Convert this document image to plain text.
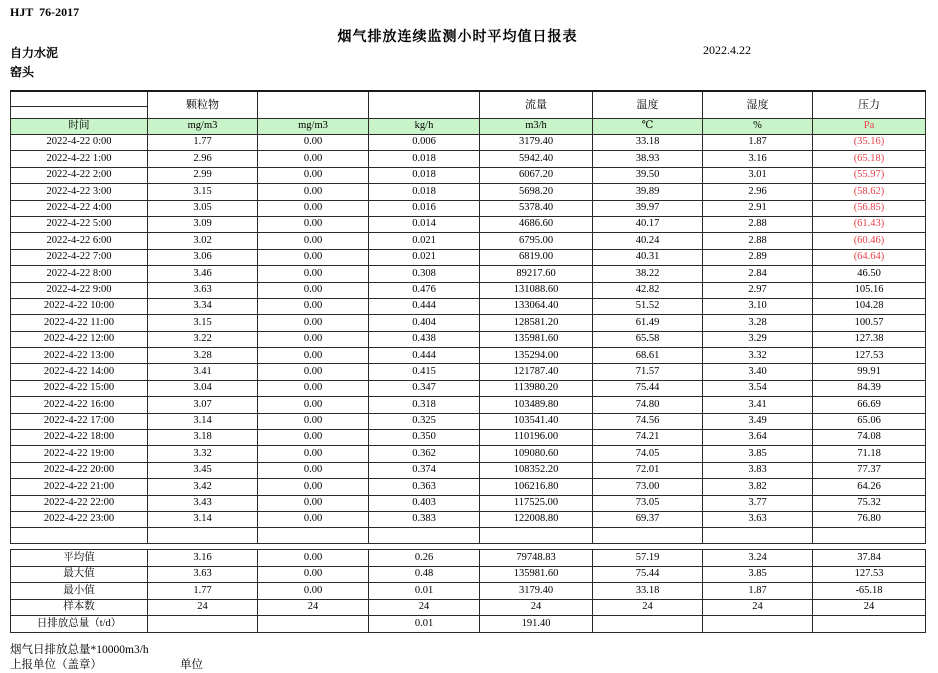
HJT  76-2017
烟气排放连续监测小时平均值日报表
2022.4.22
自力水泥
窑头
	颗粒物			流量	温度	湿度	压力

时间	mg/m3	mg/m3	kg/h	m3/h	℃	%	Pa
2022-4-22 0:00	1.77	0.00	0.006	3179.40	33.18	1.87	(35.16)
2022-4-22 1:00	2.96	0.00	0.018	5942.40	38.93	3.16	(65.18)
2022-4-22 2:00	2.99	0.00	0.018	6067.20	39.50	3.01	(55.97)
2022-4-22 3:00	3.15	0.00	0.018	5698.20	39.89	2.96	(58.62)
2022-4-22 4:00	3.05	0.00	0.016	5378.40	39.97	2.91	(56.85)
2022-4-22 5:00	3.09	0.00	0.014	4686.60	40.17	2.88	(61.43)
2022-4-22 6:00	3.02	0.00	0.021	6795.00	40.24	2.88	(60.46)
2022-4-22 7:00	3.06	0.00	0.021	6819.00	40.31	2.89	(64.64)
2022-4-22 8:00	3.46	0.00	0.308	89217.60	38.22	2.84	46.50
2022-4-22 9:00	3.63	0.00	0.476	131088.60	42.82	2.97	105.16
2022-4-22 10:00	3.34	0.00	0.444	133064.40	51.52	3.10	104.28
2022-4-22 11:00	3.15	0.00	0.404	128581.20	61.49	3.28	100.57
2022-4-22 12:00	3.22	0.00	0.438	135981.60	65.58	3.29	127.38
2022-4-22 13:00	3.28	0.00	0.444	135294.00	68.61	3.32	127.53
2022-4-22 14:00	3.41	0.00	0.415	121787.40	71.57	3.40	99.91
2022-4-22 15:00	3.04	0.00	0.347	113980.20	75.44	3.54	84.39
2022-4-22 16:00	3.07	0.00	0.318	103489.80	74.80	3.41	66.69
2022-4-22 17:00	3.14	0.00	0.325	103541.40	74.56	3.49	65.06
2022-4-22 18:00	3.18	0.00	0.350	110196.00	74.21	3.64	74.08
2022-4-22 19:00	3.32	0.00	0.362	109080.60	74.05	3.85	71.18
2022-4-22 20:00	3.45	0.00	0.374	108352.20	72.01	3.83	77.37
2022-4-22 21:00	3.42	0.00	0.363	106216.80	73.00	3.82	64.26
2022-4-22 22:00	3.43	0.00	0.403	117525.00	73.05	3.77	75.32
2022-4-22 23:00	3.14	0.00	0.383	122008.80	69.37	3.63	76.80

平均值	3.16	0.00	0.26	79748.83	57.19	3.24	37.84
最大值	3.63	0.00	0.48	135981.60	75.44	3.85	127.53
最小值	1.77	0.00	0.01	3179.40	33.18	1.87	-65.18
样本数	24	24	24	24	24	24	24
日排放总量（t/d）			0.01	191.40			
烟气日排放总量*10000m3/h
上报单位（盖章）	单位
